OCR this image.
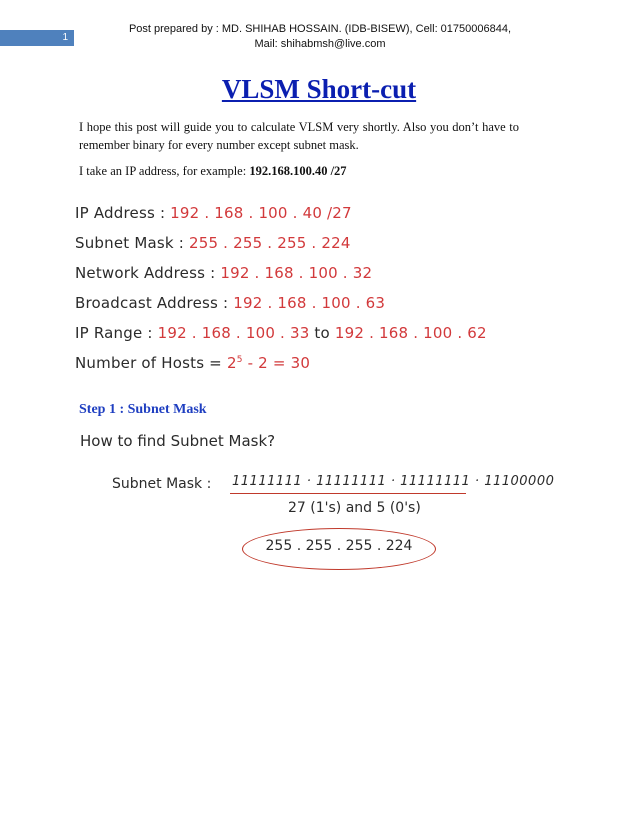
1
Post prepared by : MD. SHIHAB HOSSAIN. (IDB-BISEW), Cell: 01750006844,
Mail: shihabmsh@live.com
VLSM Short-cut

I hope this post will guide you to calculate VLSM very shortly. Also you don’t have to remember binary for every number except subnet mask.

I take an IP address, for example: 192.168.100.40 /27

IP Address : 192 . 168 . 100 . 40 /27
Subnet Mask : 255 . 255 . 255 . 224
Network Address : 192 . 168 . 100 . 32
Broadcast Address : 192 . 168 . 100 . 63
IP Range : 192 . 168 . 100 . 33 to 192 . 168 . 100 . 62
Number of Hosts = $2^5 - 2 = 30$
Step 1 : Subnet Mask
How to find Subnet Mask?
Subnet Mask : 11111111 · 11111111 · 11111111 · 11100000
27 (1's) and 5 (0's)
255 . 255 . 255 . 224
